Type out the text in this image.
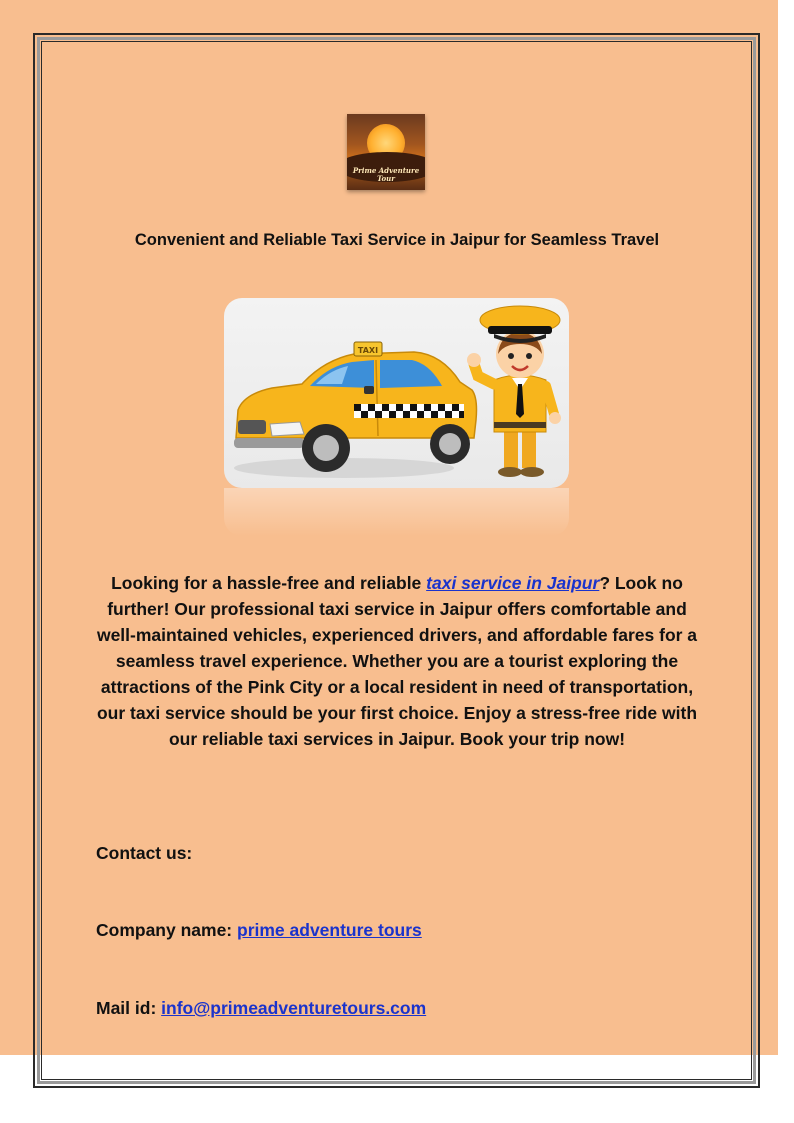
Prime Adventure
Tour
Convenient and Reliable Taxi Service in Jaipur for Seamless Travel
TAXI
Looking for a hassle-free and reliable taxi service in Jaipur? Look no further! Our professional taxi service in Jaipur offers comfortable and well-maintained vehicles, experienced drivers, and affordable fares for a seamless travel experience. Whether you are a tourist exploring the attractions of the Pink City or a local resident in need of transportation, our taxi service should be your first choice. Enjoy a stress-free ride with our reliable taxi services in Jaipur. Book your trip now!
Contact us:
Company name: prime adventure tours
Mail id: info@primeadventuretours.com
